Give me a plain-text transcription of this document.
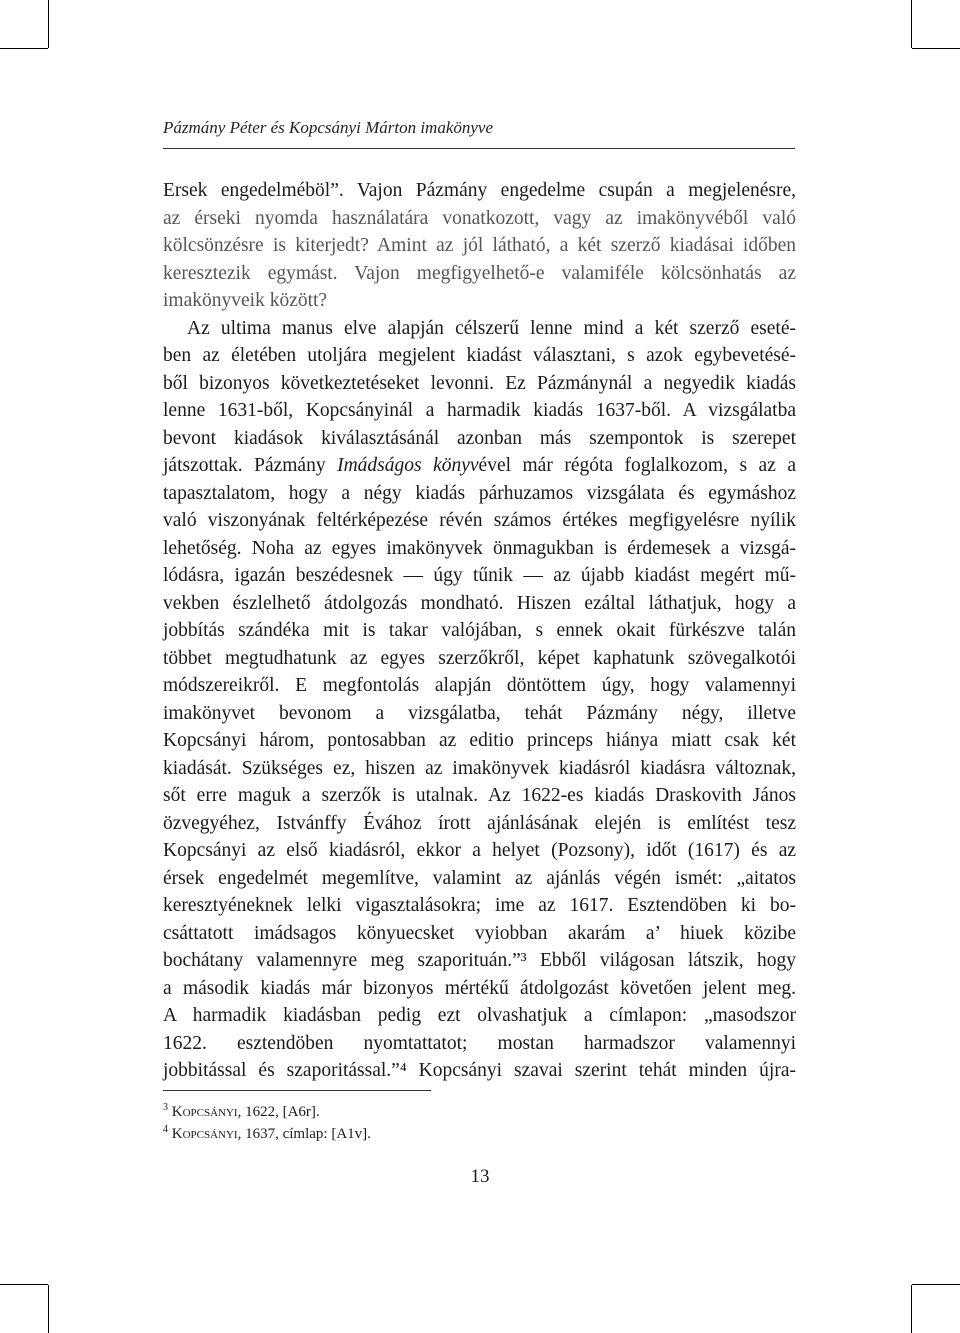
Pázmány Péter és Kopcsányi Márton imakönyve
Ersek engedelméböl”. Vajon Pázmány engedelme csupán a megjelenésre,
az érseki nyomda használatára vonatkozott, vagy az imakönyvéből való
kölcsönzésre is kiterjedt? Amint az jól látható, a két szerző kiadásai időben
keresztezik egymást. Vajon megfigyelhető-e valamiféle kölcsönhatás az
imakönyveik között?
Az ultima manus elve alapján célszerű lenne mind a két szerző eseté-
ben az életében utoljára megjelent kiadást választani, s azok egybevetésé-
ből bizonyos következtetéseket levonni. Ez Pázmánynál a negyedik kiadás
lenne 1631-ből, Kopcsányinál a harmadik kiadás 1637-ből. A vizsgálatba
bevont kiadások kiválasztásánál azonban más szempontok is szerepet
játszottak. Pázmány Imádságos könyvével már régóta foglalkozom, s az a
tapasztalatom, hogy a négy kiadás párhuzamos vizsgálata és egymáshoz
való viszonyának feltérképezése révén számos értékes megfigyelésre nyílik
lehetőség. Noha az egyes imakönyvek önmagukban is érdemesek a vizsgá-
lódásra, igazán beszédesnek — úgy tűnik — az újabb kiadást megért mű-
vekben észlelhető átdolgozás mondható. Hiszen ezáltal láthatjuk, hogy a
jobbítás szándéka mit is takar valójában, s ennek okait fürkészve talán
többet megtudhatunk az egyes szerzőkről, képet kaphatunk szövegalkotói
módszereikről. E megfontolás alapján döntöttem úgy, hogy valamennyi
imakönyvet bevonom a vizsgálatba, tehát Pázmány négy, illetve
Kopcsányi három, pontosabban az editio princeps hiánya miatt csak két
kiadását. Szükséges ez, hiszen az imakönyvek kiadásról kiadásra változnak,
sőt erre maguk a szerzők is utalnak. Az 1622-es kiadás Draskovith János
özvegyéhez, Istvánffy Évához írott ajánlásának elején is említést tesz
Kopcsányi az első kiadásról, ekkor a helyet (Pozsony), időt (1617) és az
érsek engedelmét megemlítve, valamint az ajánlás végén ismét: „aitatos
keresztyéneknek lelki vigasztalásokra; ime az 1617. Esztendöben ki bo-
csáttatott imádsagos könyuecsket vyiobban akarám a’ hiuek közibe
bochátany valamennyre meg szaporituán.”³ Ebből világosan látszik, hogy
a második kiadás már bizonyos mértékű átdolgozást követően jelent meg.
A harmadik kiadásban pedig ezt olvashatjuk a címlapon: „masodszor
1622. esztendöben nyomtattatot; mostan harmadszor valamennyi
jobbitással és szaporitással.”⁴ Kopcsányi szavai szerint tehát minden újra-
$^3$ Kopcsányi, 1622, [A6r].
$^4$ Kopcsányi, 1637, címlap: [A1v].
13
